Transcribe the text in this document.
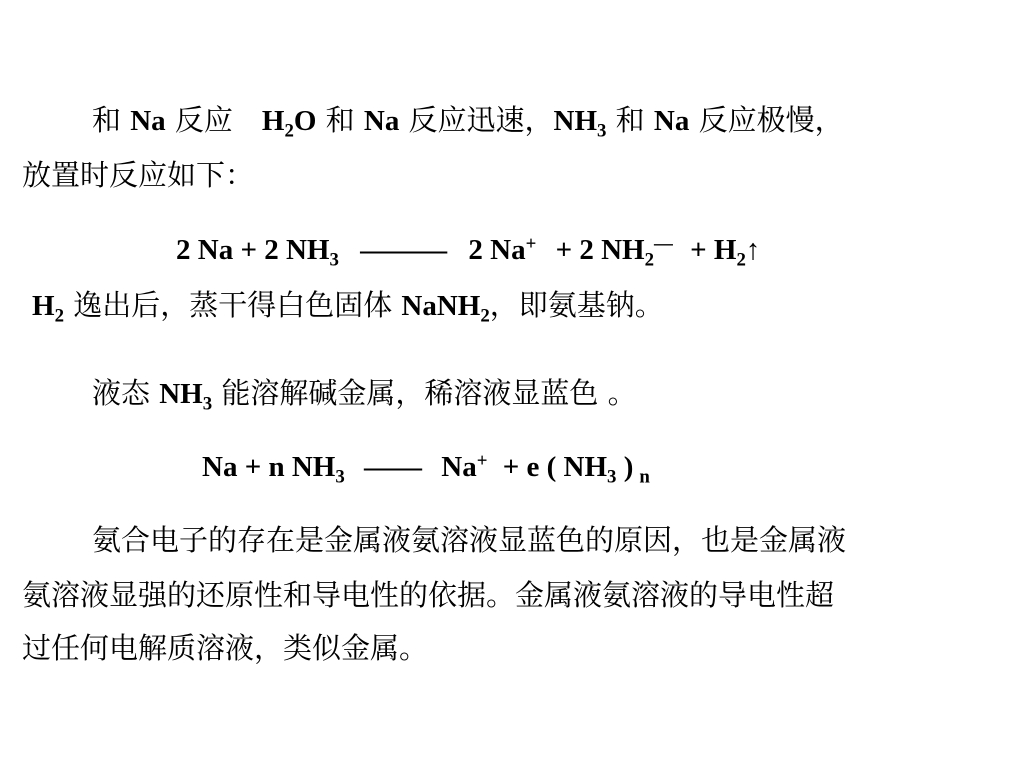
和 Na 反应　$H_2O$ 和 Na 反应迅速，$NH_3$ 和 Na 反应极慢，
放置时反应如下：
2 Na + 2 $NH_3$ ——— 2 Na+ + 2 $NH_2^—$ + $H_2↑$
$H_2$ 逸出后，蒸干得白色固体 NaNH$_2$，即氨基钠。
液态 $NH_3$ 能溶解碱金属，稀溶液显蓝色 。
Na + n $NH_3$ —— Na+ + e ( $NH_3$ ) $_n$
氨合电子的存在是金属液氨溶液显蓝色的原因，也是金属液
氨溶液显强的还原性和导电性的依据。金属液氨溶液的导电性超
过任何电解质溶液，类似金属。
